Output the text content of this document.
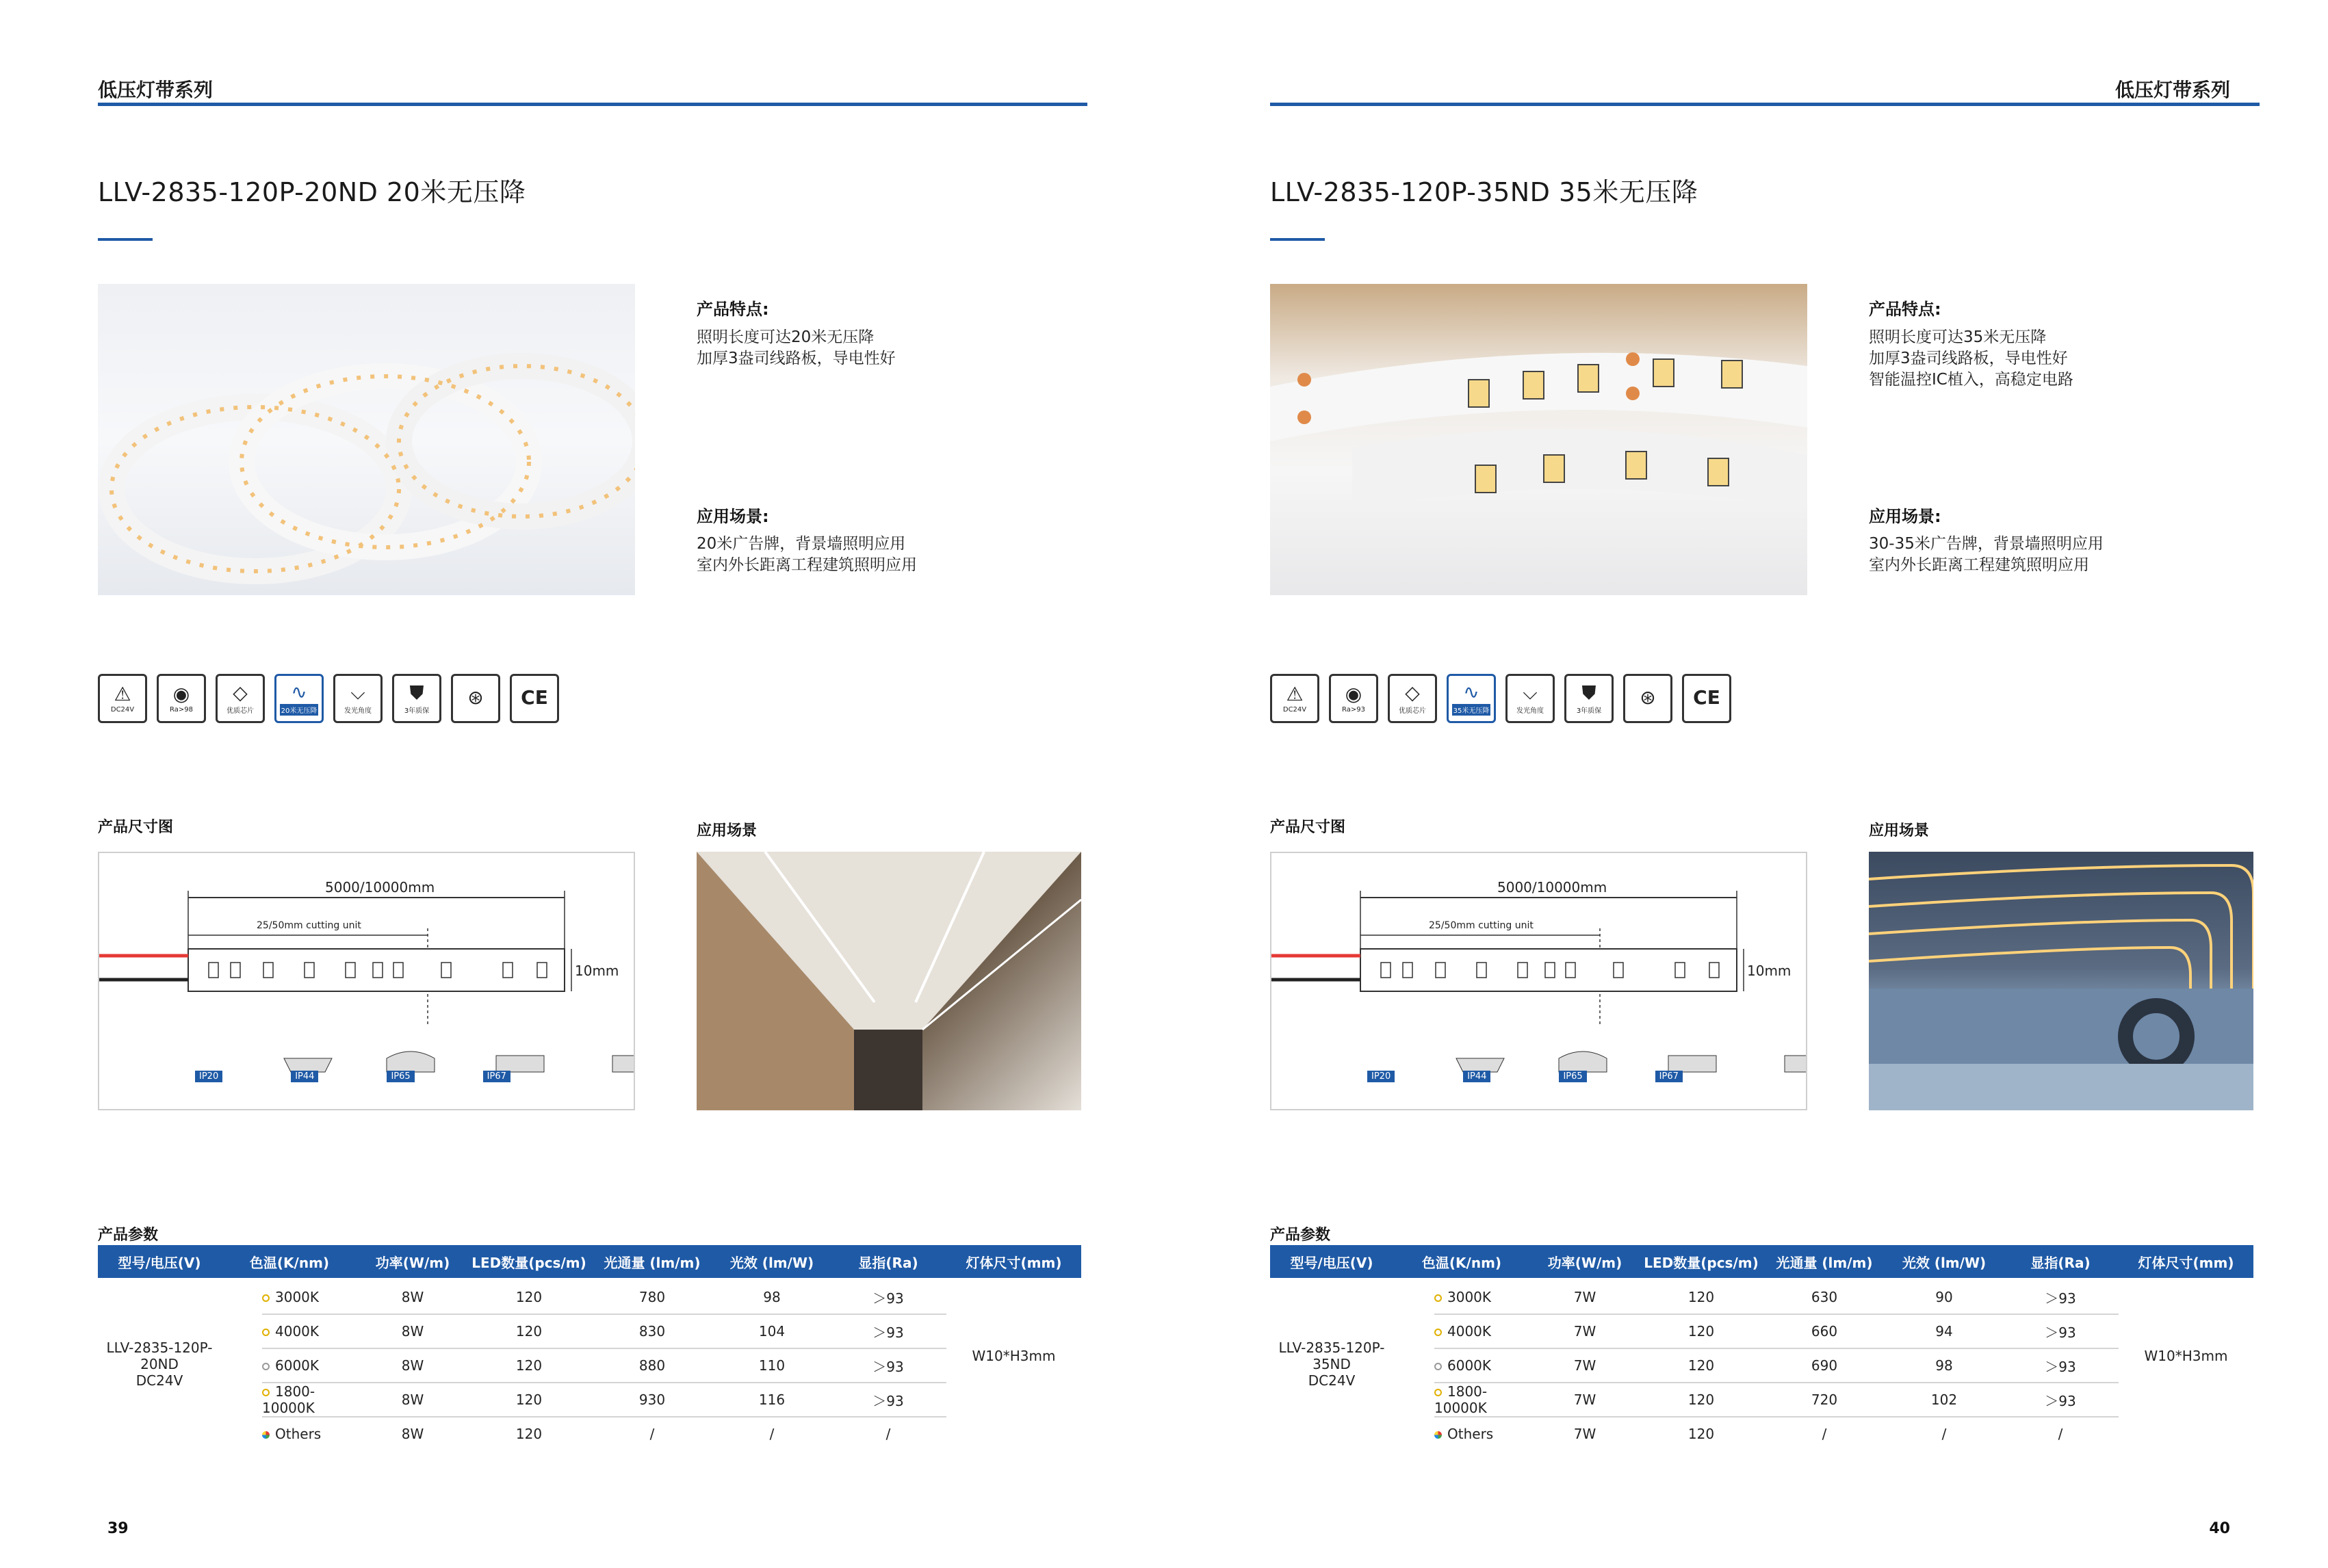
低压灯带系列
LLV-2835-120P-20ND 20米无压降
产品特点:
照明长度可达20米无压降
加厚3盎司线路板，导电性好
应用场景:
20米广告牌，背景墙照明应用
室内外长距离工程建筑照明应用
⚠
DC24V
◉
Ra>98
◇
优质芯片
∿
20米无压降
⌵
发光角度
⛊
3年质保
⊛ CE
产品尺寸图	应用场景
5000/10000mm
25/50mm cutting unit
10mm
IP20	IP44	IP65	IP67
产品参数
型号/电压(V)	色温(K/nm)	功率(W/m)	LED数量(pcs/m)	光通量 (lm/m)	光效 (lm/W)	显指(Ra)	灯体尺寸(mm)
LLV-2835-120P-20ND
DC24V
W10*H3mm
3000K	8W	120	780	98	＞93
4000K	8W	120	830	104	＞93
6000K	8W	120	880	110	＞93
1800-10000K	8W	120	930	116	＞93
Others	8W	120	/	/	/
39
低压灯带系列
LLV-2835-120P-35ND 35米无压降
产品特点:
照明长度可达35米无压降
加厚3盎司线路板，导电性好
智能温控IC植入，高稳定电路
应用场景:
30-35米广告牌，背景墙照明应用
室内外长距离工程建筑照明应用
⚠
DC24V
◉
Ra>93
◇
优质芯片
∿
35米无压降
⌵
发光角度
⛊
3年质保
⊛ CE
产品尺寸图	应用场景
5000/10000mm
25/50mm cutting unit
10mm
IP20	IP44	IP65	IP67
产品参数
型号/电压(V)	色温(K/nm)	功率(W/m)	LED数量(pcs/m)	光通量 (lm/m)	光效 (lm/W)	显指(Ra)	灯体尺寸(mm)
LLV-2835-120P-35ND
DC24V
W10*H3mm
3000K	7W	120	630	90	＞93
4000K	7W	120	660	94	＞93
6000K	7W	120	690	98	＞93
1800-10000K	7W	120	720	102	＞93
Others	7W	120	/	/	/
40
